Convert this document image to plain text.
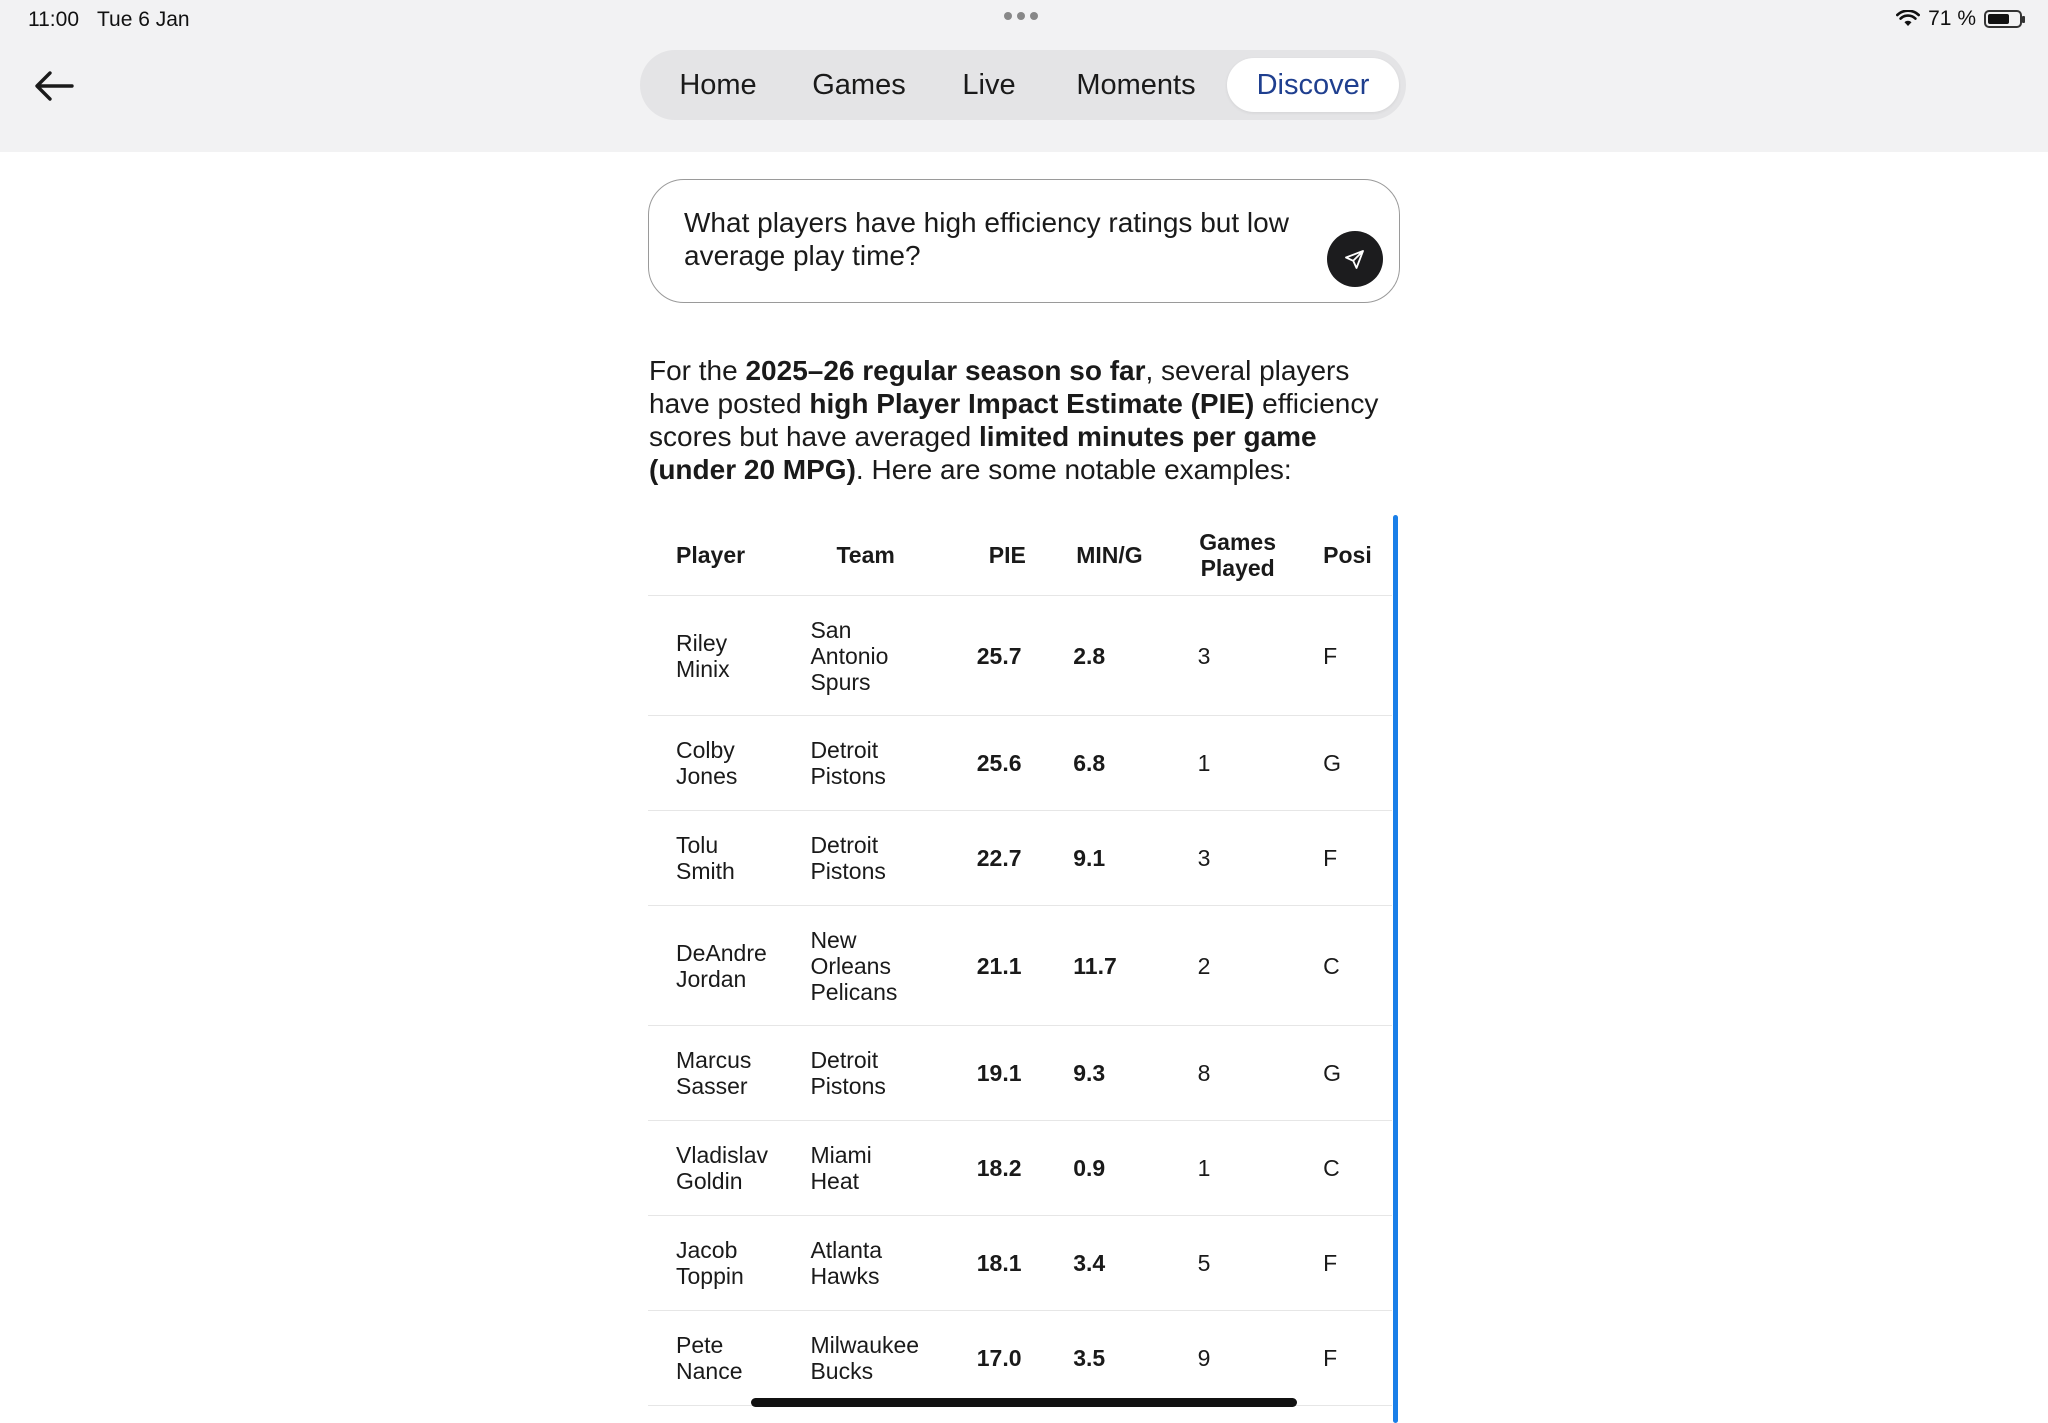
11:00 Tue 6 Jan	71 %
Home	Games	Live	Moments	Discover
What players have high efficiency ratings but low average play time?
For the 2025–26 regular season so far, several players have posted high Player Impact Estimate (PIE) efficiency scores but have averaged limited minutes per game (under 20 MPG). Here are some notable examples:
Player	Team	PIE	MIN/G	Games Played	Posi
Riley Minix	San Antonio Spurs	25.7	2.8	3	F
Colby Jones	Detroit Pistons	25.6	6.8	1	G
Tolu Smith	Detroit Pistons	22.7	9.1	3	F
DeAndre Jordan	New Orleans Pelicans	21.1	11.7	2	C
Marcus Sasser	Detroit Pistons	19.1	9.3	8	G
Vladislav Goldin	Miami Heat	18.2	0.9	1	C
Jacob Toppin	Atlanta Hawks	18.1	3.4	5	F
Pete Nance	Milwaukee Bucks	17.0	3.5	9	F
